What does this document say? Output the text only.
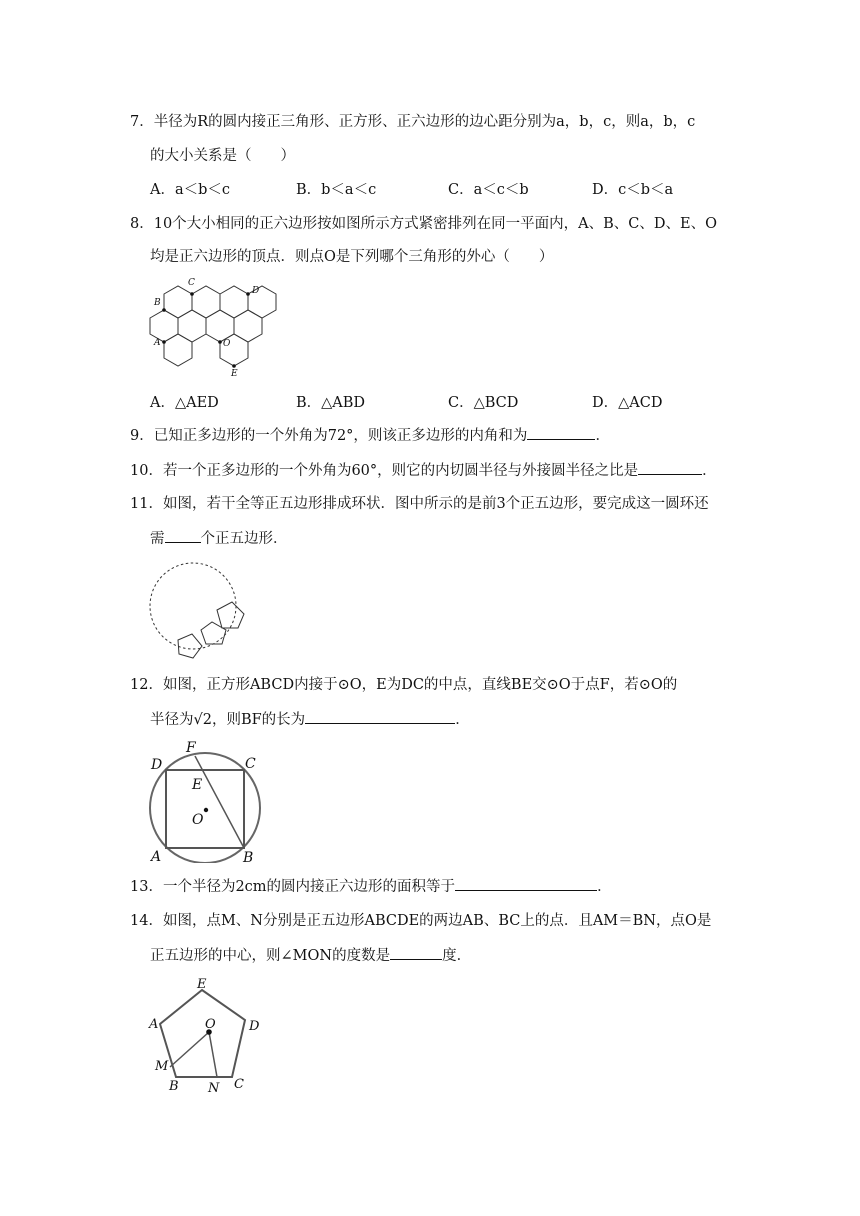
7．半径为R的圆内接正三角形、正方形、正六边形的边心距分别为a，b，c，则a，b，c
的大小关系是（　　）
A．a＜b＜c	B．b＜a＜c	C．a＜c＜b	D．c＜b＜a
8．10个大小相同的正六边形按如图所示方式紧密排列在同一平面内，A、B、C、D、E、O
均是正六边形的顶点．则点O是下列哪个三角形的外心（　　）
C
D
B
A	O
E
A．△AED	B．△ABD	C．△BCD	D．△ACD
9．已知正多边形的一个外角为72°，则该正多边形的内角和为	．
10．若一个正多边形的一个外角为60°，则它的内切圆半径与外接圆半径之比是	．
11．如图，若干全等正五边形排成环状．图中所示的是前3个正五边形，要完成这一圆环还
需 个正五边形．
12．如图，正方形ABCD内接于⊙O，E为DC的中点，直线BE交⊙O于点F，若⊙O的
半径为√2，则BF的长为	．
F
C
D
E
O
A	B
13．一个半径为2cm的圆内接正六边形的面积等于	．
14．如图，点M、N分别是正五边形ABCDE的两边AB、BC上的点．且AM＝BN，点O是
正五边形的中心，则∠MON的度数是	度．
E
A	O	D
M
B N C
